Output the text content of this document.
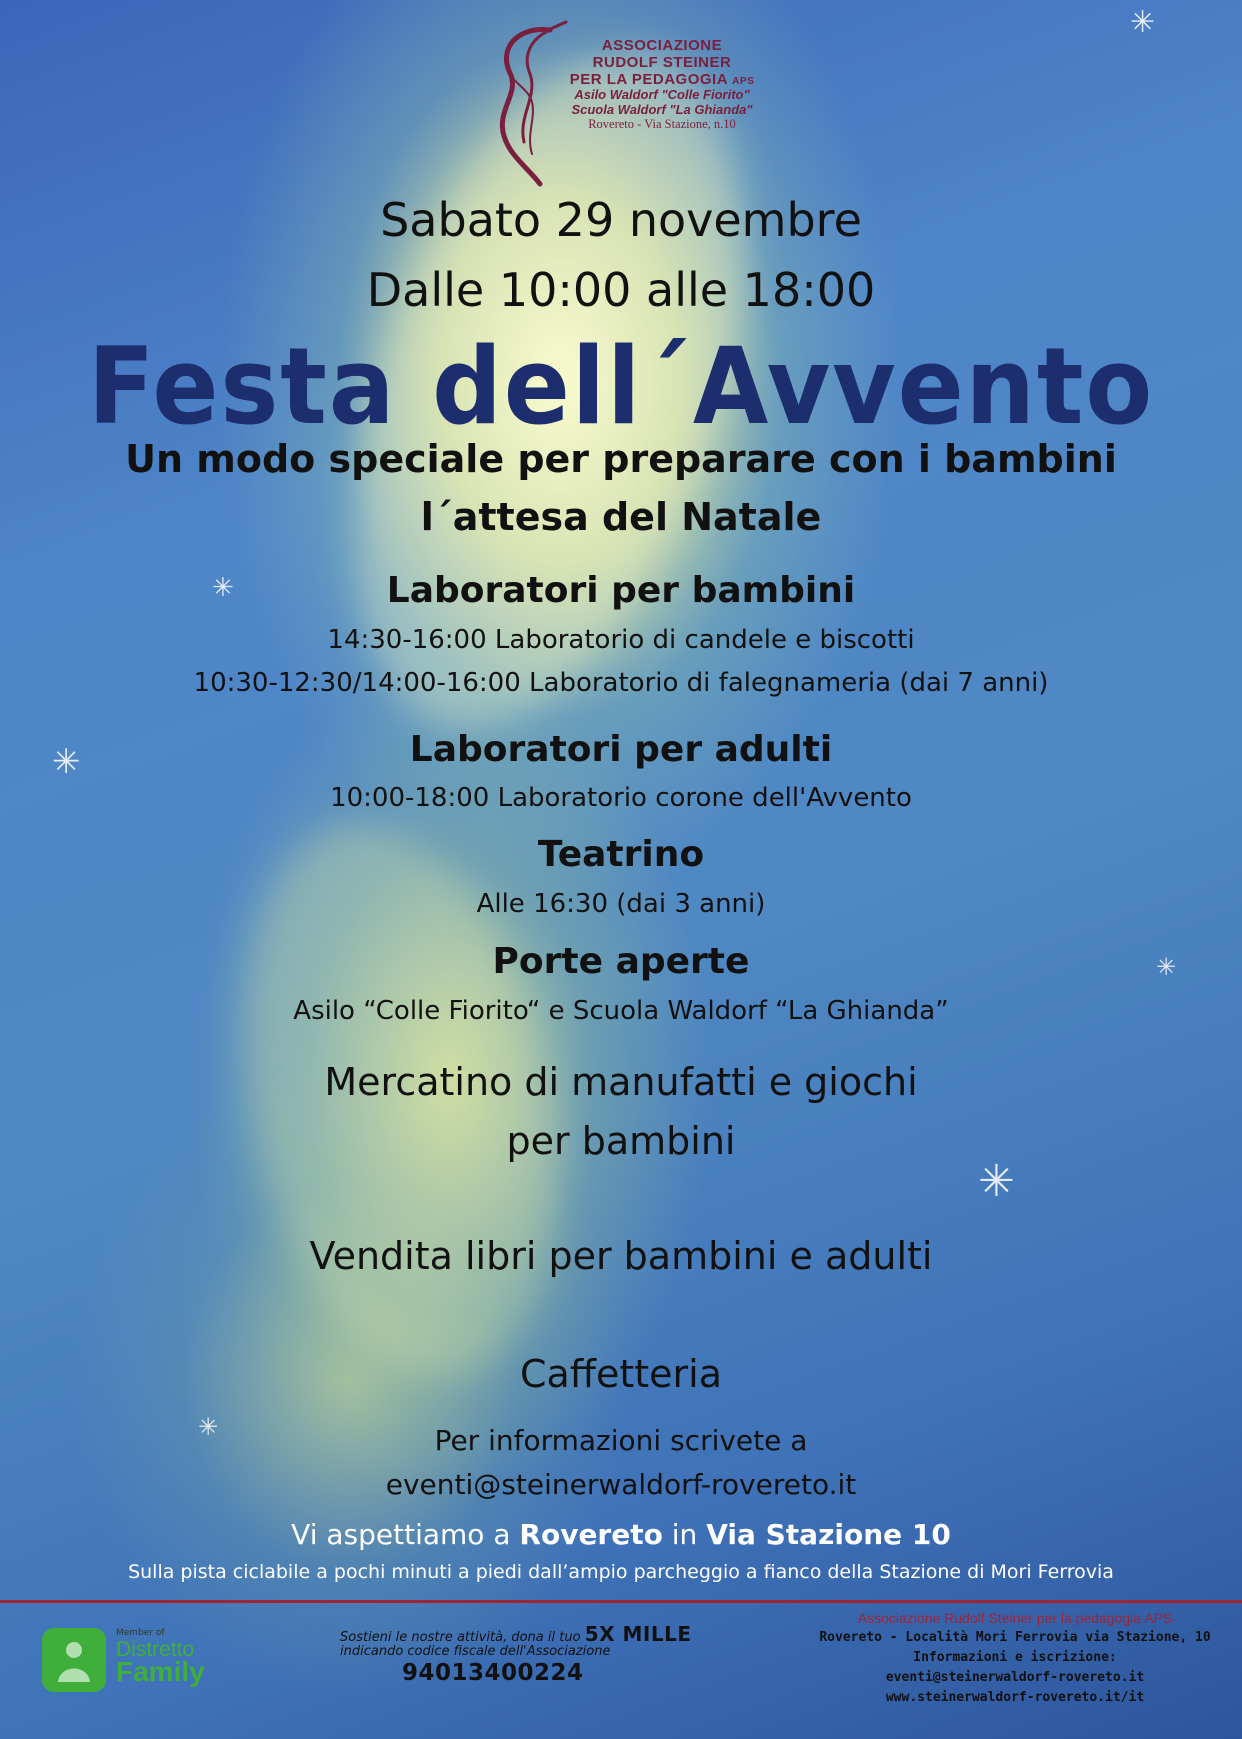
✳
✳
✳
✳
✳
✳
ASSOCIAZIONE
RUDOLF STEINER
PER LA PEDAGOGIA APS
Asilo Waldorf "Colle Fiorito"
Scuola Waldorf "La Ghianda"
Rovereto - Via Stazione, n.10
Sabato 29 novembre
Dalle 10:00 alle 18:00
Festa dell´Avvento
Un modo speciale per preparare con i bambini
l´attesa del Natale
Laboratori per bambini
14:30-16:00 Laboratorio di candele e biscotti
10:30-12:30/14:00-16:00 Laboratorio di falegnameria (dai 7 anni)
Laboratori per adulti
10:00-18:00 Laboratorio corone dell'Avvento
Teatrino
Alle 16:30 (dai 3 anni)
Porte aperte
Asilo “Colle Fiorito“ e Scuola Waldorf “La Ghianda”
Mercatino di manufatti e giochi
per bambini
Vendita libri per bambini e adulti
Caffetteria
Per informazioni scrivete a
eventi@steinerwaldorf-rovereto.it
Vi aspettiamo a Rovereto in Via Stazione 10
Sulla pista ciclabile a pochi minuti a piedi dall’ampio parcheggio a fianco della Stazione di Mori Ferrovia
Member of
Distretto
Family
Sostieni le nostre attività, dona il tuo 5X MILLE
indicando codice fiscale dell'Associazione
94013400224
Associazione Rudolf Steiner per la pedagogia APS
Rovereto - Località Mori Ferrovia via Stazione, 10
Informazioni e iscrizione:
eventi@steinerwaldorf-rovereto.it
www.steinerwaldorf-rovereto.it/it
